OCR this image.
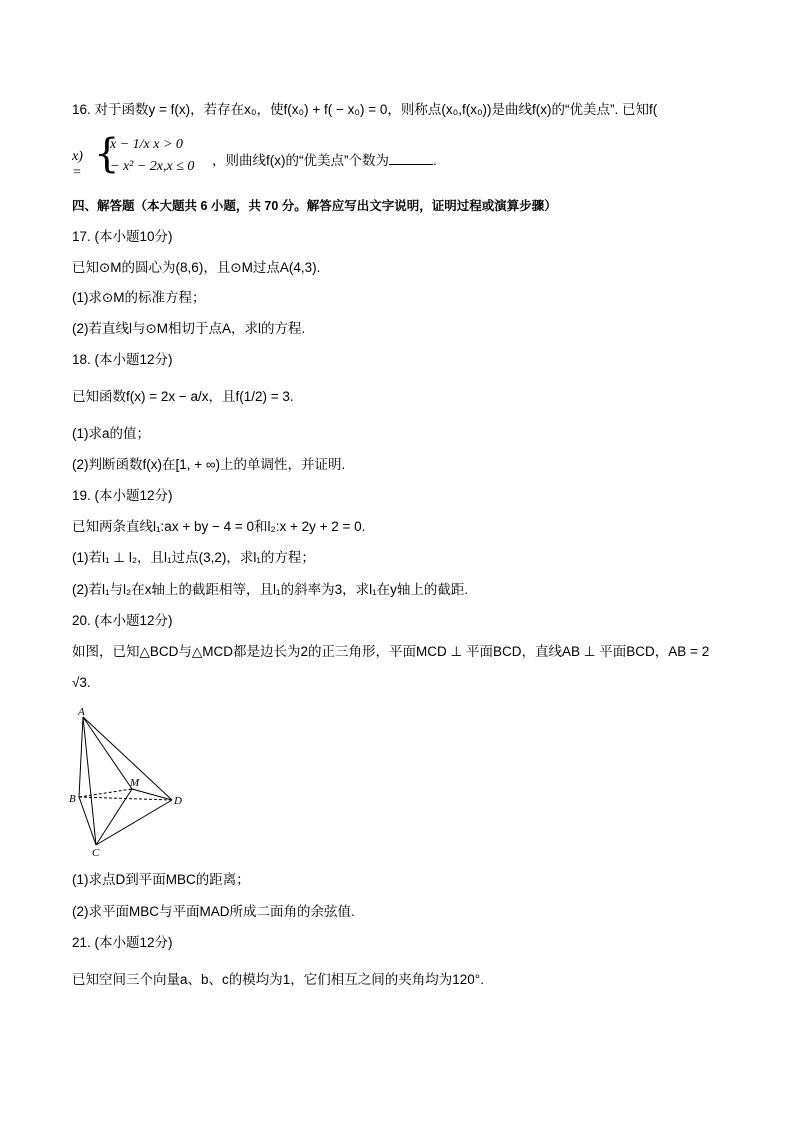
16. 对于函数y = f(x)，若存在x₀，使f(x₀) + f( − x₀) = 0，则称点(x₀,f(x₀))是曲线f(x)的“优美点”. 已知f(
x) = {
x − 1/x x > 0
− x² − 2x,x ≤ 0 ，则曲线f(x)的“优美点”个数为	.
四、解答题（本大题共 6 小题，共 70 分。解答应写出文字说明，证明过程或演算步骤）
17. (本小题10分)
已知⊙M的圆心为(8,6)，且⊙M过点A(4,3).
(1)求⊙M的标准方程；
(2)若直线l与⊙M相切于点A，求l的方程.
18. (本小题12分)
已知函数f(x) = 2x − a/x，且f(1/2) = 3.
(1)求a的值；
(2)判断函数f(x)在[1, + ∞)上的单调性，并证明.
19. (本小题12分)
已知两条直线l₁:ax + by − 4 = 0和l₂:x + 2y + 2 = 0.
(1)若l₁ ⊥ l₂，且l₁过点(3,2)，求l₁的方程；
(2)若l₁与l₂在x轴上的截距相等，且l₁的斜率为3，求l₁在y轴上的截距.
20. (本小题12分)
如图，已知△BCD与△MCD都是边长为2的正三角形，平面MCD ⊥ 平面BCD，直线AB ⊥ 平面BCD，AB = 2
√3.
A
B
C
D
M
(1)求点D到平面MBC的距离；
(2)求平面MBC与平面MAD所成二面角的余弦值.
21. (本小题12分)
已知空间三个向量a、b、c的模均为1，它们相互之间的夹角均为120°.
